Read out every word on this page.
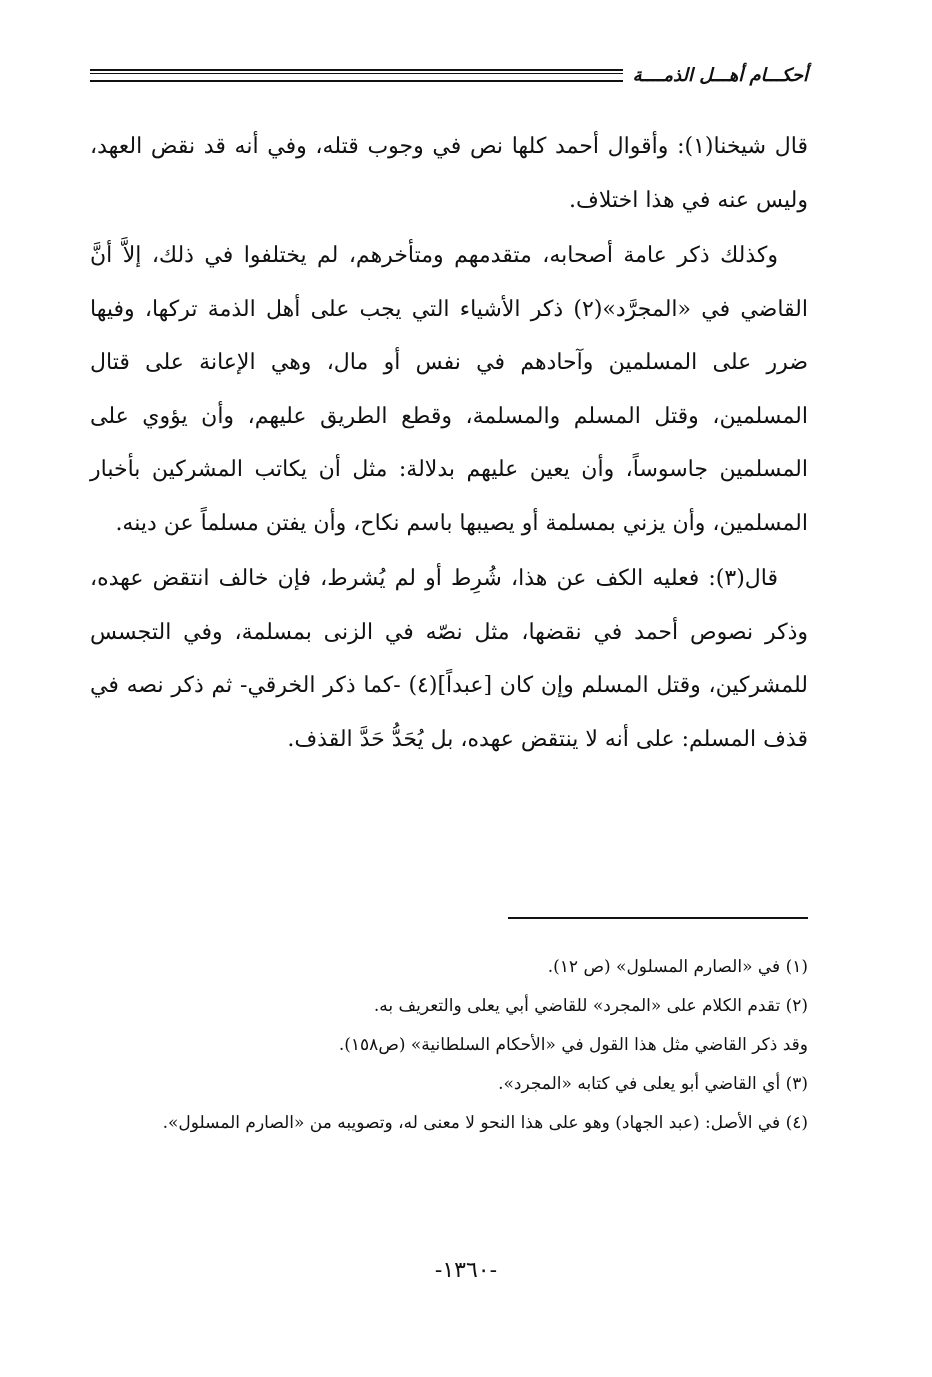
أحكـــام أهـــل الذمــــة

قال شيخنا(١): وأقوال أحمد كلها نص في وجوب قتله، وفي أنه قد نقض العهد، وليس عنه في هذا اختلاف.

وكذلك ذكر عامة أصحابه، متقدمهم ومتأخرهم، لم يختلفوا في ذلك، إلاَّ أنَّ القاضي في «المجرَّد»(٢) ذكر الأشياء التي يجب على أهل الذمة تركها، وفيها ضرر على المسلمين وآحادهم في نفس أو مال، وهي الإعانة على قتال المسلمين، وقتل المسلم والمسلمة، وقطع الطريق عليهم، وأن يؤوي على المسلمين جاسوساً، وأن يعين عليهم بدلالة: مثل أن يكاتب المشركين بأخبار المسلمين، وأن يزني بمسلمة أو يصيبها باسم نكاح، وأن يفتن مسلماً عن دينه.

قال(٣): فعليه الكف عن هذا، شُرِط أو لم يُشرط، فإن خالف انتقض عهده، وذكر نصوص أحمد في نقضها، مثل نصّه في الزنى بمسلمة، وفي التجسس للمشركين، وقتل المسلم وإن كان [عبداً](٤) -كما ذكر الخرقي- ثم ذكر نصه في قذف المسلم: على أنه لا ينتقض عهده، بل يُحَدُّ حَدَّ القذف.

(١) في «الصارم المسلول» (ص ١٢).

(٢) تقدم الكلام على «المجرد» للقاضي أبي يعلى والتعريف به.

وقد ذكر القاضي مثل هذا القول في «الأحكام السلطانية» (ص١٥٨).

(٣) أي القاضي أبو يعلى في كتابه «المجرد».

(٤) في الأصل: (عبد الجهاد) وهو على هذا النحو لا معنى له، وتصويبه من «الصارم المسلول».

-١٣٦٠-
